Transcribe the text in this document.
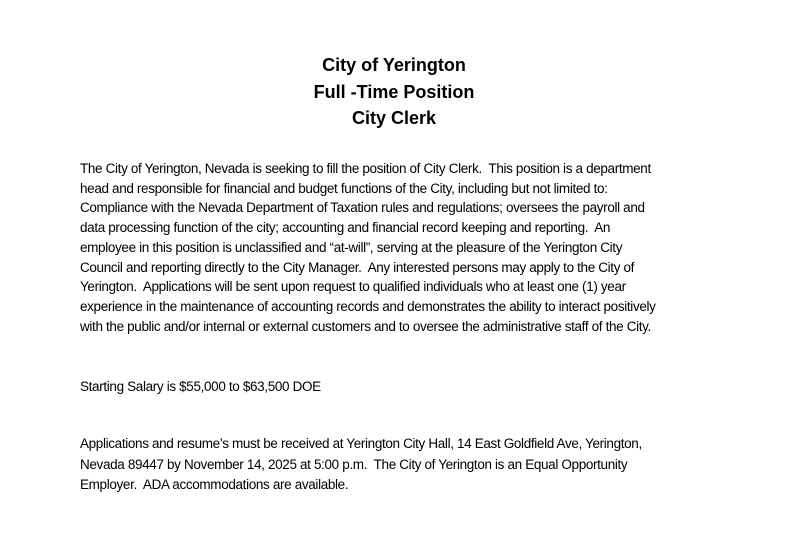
City of Yerington
Full -Time Position
City Clerk
The City of Yerington, Nevada is seeking to fill the position of City Clerk.  This position is a department
head and responsible for financial and budget functions of the City, including but not limited to:
Compliance with the Nevada Department of Taxation rules and regulations; oversees the payroll and
data processing function of the city; accounting and financial record keeping and reporting.  An
employee in this position is unclassified and “at-will”, serving at the pleasure of the Yerington City
Council and reporting directly to the City Manager.  Any interested persons may apply to the City of
Yerington.  Applications will be sent upon request to qualified individuals who at least one (1) year
experience in the maintenance of accounting records and demonstrates the ability to interact positively
with the public and/or internal or external customers and to oversee the administrative staff of the City.
Starting Salary is $55,000 to $63,500 DOE
Applications and resume’s must be received at Yerington City Hall, 14 East Goldfield Ave, Yerington,
Nevada 89447 by November 14, 2025 at 5:00 p.m.  The City of Yerington is an Equal Opportunity
Employer.  ADA accommodations are available.
